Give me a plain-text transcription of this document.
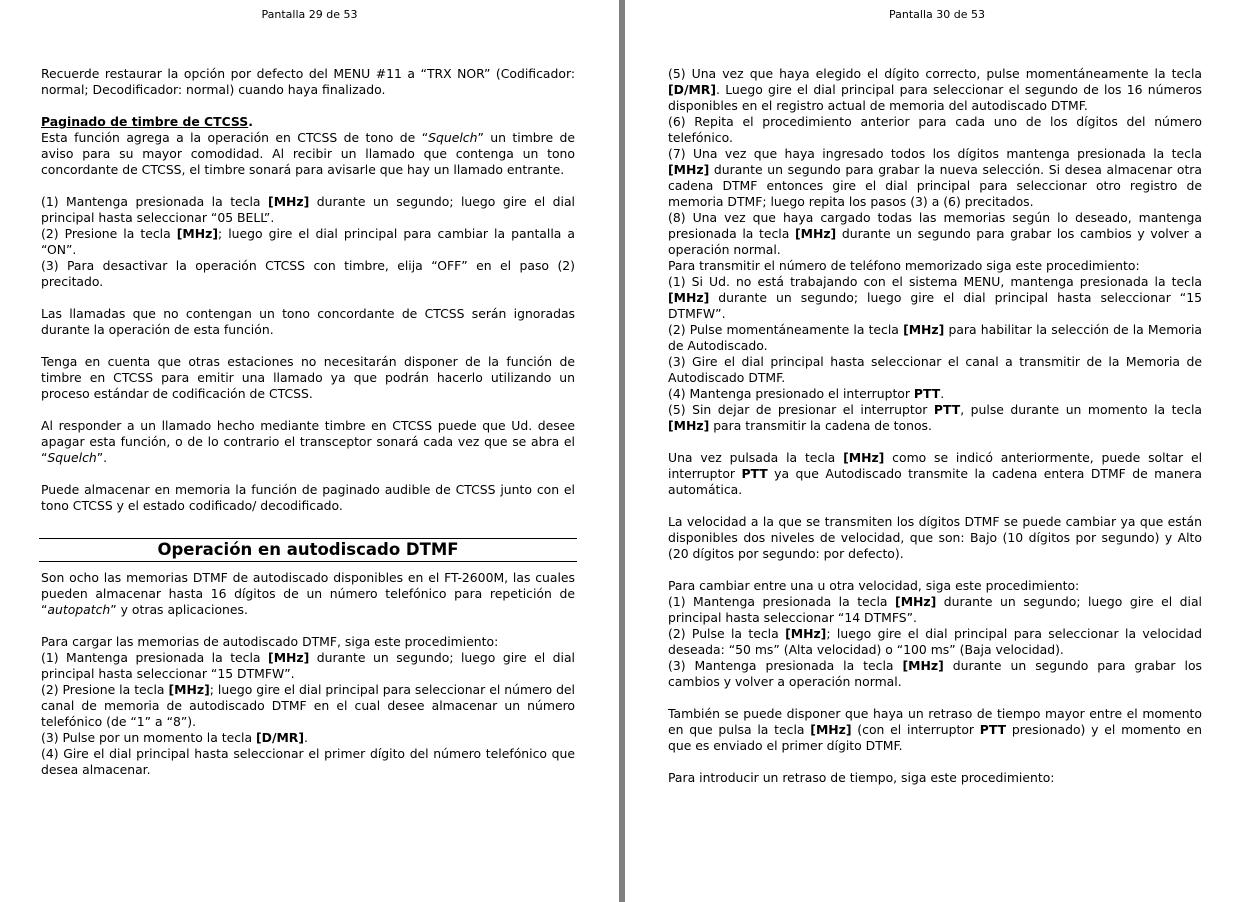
Pantalla 29 de 53

Recuerde restaurar la opción por defecto del MENU #11 a “TRX NOR” (Codificador: normal; Decodificador: normal) cuando haya finalizado.

Paginado de timbre de CTCSS.

Esta función agrega a la operación en CTCSS de tono de “Squelch” un timbre de aviso para su mayor comodidad. Al recibir un llamado que contenga un tono concordante de CTCSS, el timbre sonará para avisarle que hay un llamado entrante.

(1) Mantenga presionada la tecla [MHz] durante un segundo; luego gire el dial principal hasta seleccionar “05 BELL”.

(2) Presione la tecla [MHz]; luego gire el dial principal para cambiar la pantalla a “ON”.

(3) Para desactivar la operación CTCSS con timbre, elija “OFF” en el paso (2) precitado.

Las llamadas que no contengan un tono concordante de CTCSS serán ignoradas durante la operación de esta función.

Tenga en cuenta que otras estaciones no necesitarán disponer de la función de timbre en CTCSS para emitir una llamado ya que podrán hacerlo utilizando un proceso estándar de codificación de CTCSS.

Al responder a un llamado hecho mediante timbre en CTCSS puede que Ud. desee apagar esta función, o de lo contrario el transceptor sonará cada vez que se abra el “Squelch”.

Puede almacenar en memoria la función de paginado audible de CTCSS junto con el tono CTCSS y el estado codificado/ decodificado.

Operación en autodiscado DTMF

Son ocho las memorias DTMF de autodiscado disponibles en el FT-2600M, las cuales pueden almacenar hasta 16 dígitos de un número telefónico para repetición de “autopatch” y otras aplicaciones.

Para cargar las memorias de autodiscado DTMF, siga este procedimiento:

(1) Mantenga presionada la tecla [MHz] durante un segundo; luego gire el dial principal hasta seleccionar “15 DTMFW”.

(2) Presione la tecla [MHz]; luego gire el dial principal para seleccionar el número del canal de memoria de autodiscado DTMF en el cual desee almacenar un número telefónico (de “1” a “8”).

(3) Pulse por un momento la tecla [D/MR].

(4) Gire el dial principal hasta seleccionar el primer dígito del número telefónico que desea almacenar.

Pantalla 30 de 53

(5) Una vez que haya elegido el dígito correcto, pulse momentáneamente la tecla [D/MR]. Luego gire el dial principal para seleccionar el segundo de los 16 números disponibles en el registro actual de memoria del autodiscado DTMF.

(6) Repita el procedimiento anterior para cada uno de los dígitos del número telefónico.

(7) Una vez que haya ingresado todos los dígitos mantenga presionada la tecla [MHz] durante un segundo para grabar la nueva selección. Si desea almacenar otra cadena DTMF entonces gire el dial principal para seleccionar otro registro de memoria DTMF; luego repita los pasos (3) a (6) precitados.

(8) Una vez que haya cargado todas las memorias según lo deseado, mantenga presionada la tecla [MHz] durante un segundo para grabar los cambios y volver a operación normal.

Para transmitir el número de teléfono memorizado siga este procedimiento:

(1) Si Ud. no está trabajando con el sistema MENU, mantenga presionada la tecla [MHz] durante un segundo; luego gire el dial principal hasta seleccionar “15 DTMFW”.

(2) Pulse momentáneamente la tecla [MHz] para habilitar la selección de la Memoria de Autodiscado.

(3) Gire el dial principal hasta seleccionar el canal a transmitir de la Memoria de Autodiscado DTMF.

(4) Mantenga presionado el interruptor PTT.

(5) Sin dejar de presionar el interruptor PTT, pulse durante un momento la tecla [MHz] para transmitir la cadena de tonos.

Una vez pulsada la tecla [MHz] como se indicó anteriormente, puede soltar el interruptor PTT ya que Autodiscado transmite la cadena entera DTMF de manera automática.

La velocidad a la que se transmiten los dígitos DTMF se puede cambiar ya que están disponibles dos niveles de velocidad, que son: Bajo (10 dígitos por segundo) y Alto (20 dígitos por segundo: por defecto).

Para cambiar entre una u otra velocidad, siga este procedimiento:

(1) Mantenga presionada la tecla [MHz] durante un segundo; luego gire el dial principal hasta seleccionar “14 DTMFS”.

(2) Pulse la tecla [MHz]; luego gire el dial principal para seleccionar la velocidad deseada: “50 ms” (Alta velocidad) o “100 ms” (Baja velocidad).

(3) Mantenga presionada la tecla [MHz] durante un segundo para grabar los cambios y volver a operación normal.

También se puede disponer que haya un retraso de tiempo mayor entre el momento en que pulsa la tecla [MHz] (con el interruptor PTT presionado) y el momento en que es enviado el primer dígito DTMF.

Para introducir un retraso de tiempo, siga este procedimiento:
